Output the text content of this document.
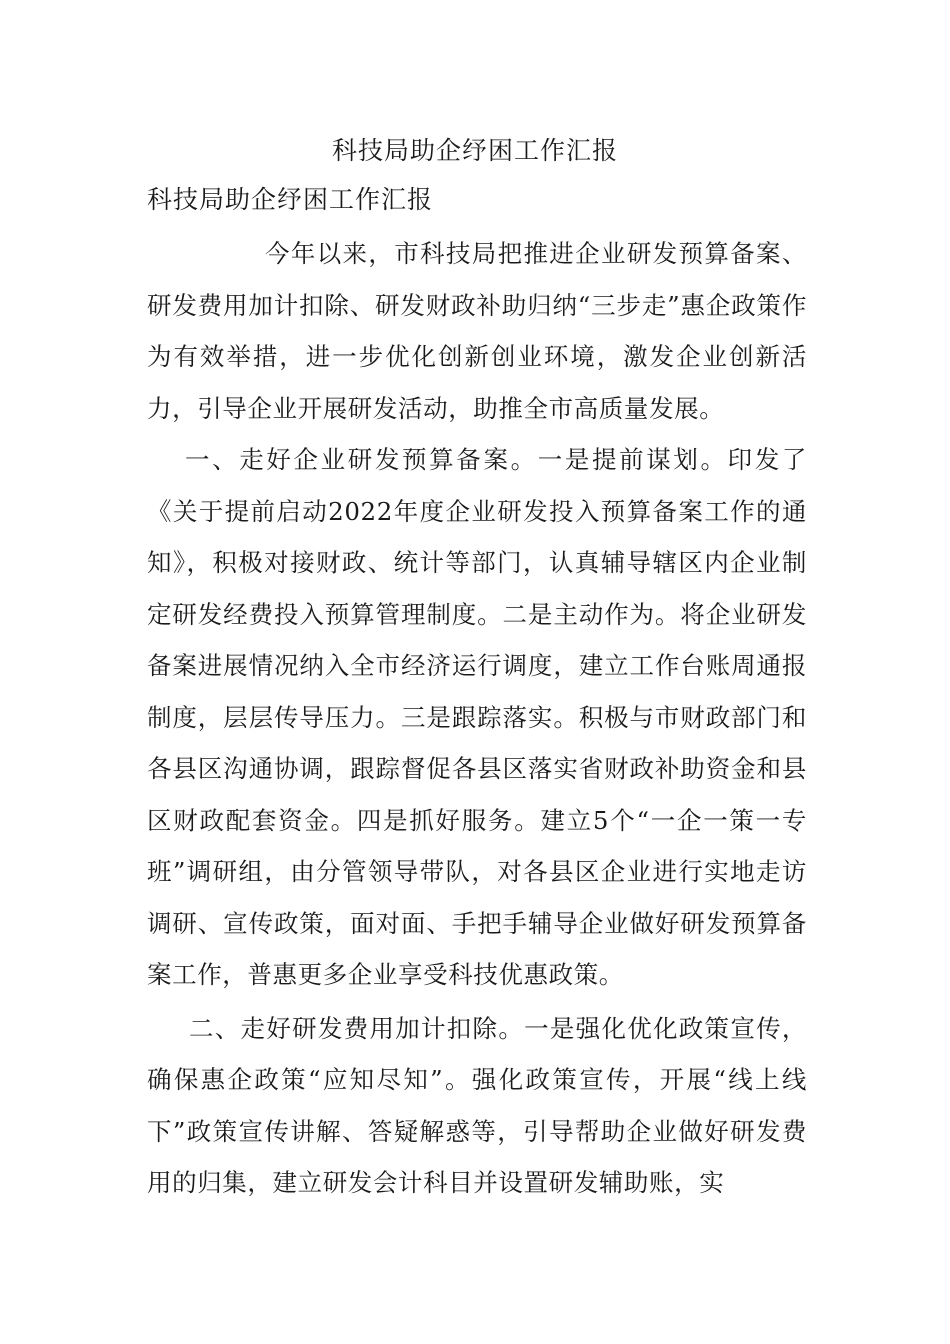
科技局助企纾困工作汇报

科技局助企纾困工作汇报

今年以来，市科技局把推进企业研发预算备案、研发费用加计扣除、研发财政补助归纳“三步走”惠企政策作为有效举措，进一步优化创新创业环境，激发企业创新活力，引导企业开展研发活动，助推全市高质量发展。

一、走好企业研发预算备案。一是提前谋划。印发了《关于提前启动2022年度企业研发投入预算备案工作的通知》，积极对接财政、统计等部门，认真辅导辖区内企业制定研发经费投入预算管理制度。二是主动作为。将企业研发备案进展情况纳入全市经济运行调度，建立工作台账周通报制度，层层传导压力。三是跟踪落实。积极与市财政部门和各县区沟通协调，跟踪督促各县区落实省财政补助资金和县区财政配套资金。四是抓好服务。建立5个“一企一策一专班”调研组，由分管领导带队，对各县区企业进行实地走访调研、宣传政策，面对面、手把手辅导企业做好研发预算备案工作，普惠更多企业享受科技优惠政策。

二、走好研发费用加计扣除。一是强化优化政策宣传，确保惠企政策“应知尽知”。强化政策宣传，开展“线上线下”政策宣传讲解、答疑解惑等，引导帮助企业做好研发费用的归集，建立研发会计科目并设置研发辅助账，实
